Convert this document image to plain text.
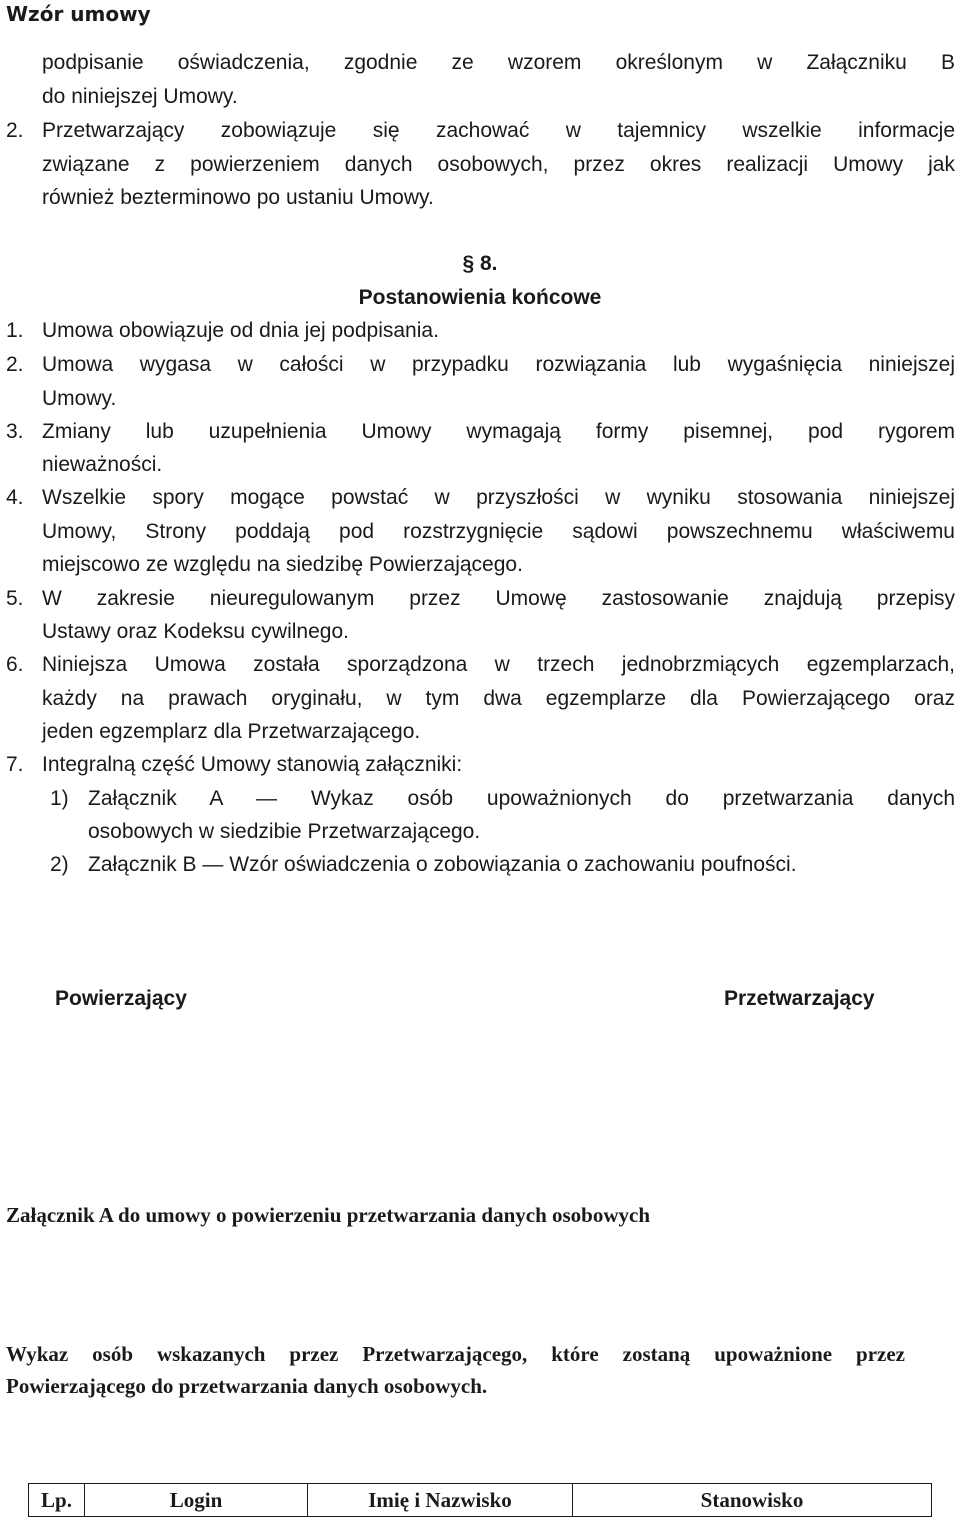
Wzór umowy
podpisanie oświadczenia, zgodnie ze wzorem określonym w Załączniku B
do niniejszej Umowy.
2. Przetwarzający zobowiązuje się zachować w tajemnicy wszelkie informacje
związane z powierzeniem danych osobowych, przez okres realizacji Umowy jak
również bezterminowo po ustaniu Umowy.
§ 8.
Postanowienia końcowe
1. Umowa obowiązuje od dnia jej podpisania.
2. Umowa wygasa w całości w przypadku rozwiązania lub wygaśnięcia niniejszej
Umowy.
3. Zmiany lub uzupełnienia Umowy wymagają formy pisemnej, pod rygorem
nieważności.
4. Wszelkie spory mogące powstać w przyszłości w wyniku stosowania niniejszej
Umowy, Strony poddają pod rozstrzygnięcie sądowi powszechnemu właściwemu
miejscowo ze względu na siedzibę Powierzającego.
5. W zakresie nieuregulowanym przez Umowę zastosowanie znajdują przepisy
Ustawy oraz Kodeksu cywilnego.
6. Niniejsza Umowa została sporządzona w trzech jednobrzmiących egzemplarzach,
każdy na prawach oryginału, w tym dwa egzemplarze dla Powierzającego oraz
jeden egzemplarz dla Przetwarzającego.
7. Integralną część Umowy stanowią załączniki:
1) Załącznik A — Wykaz osób upoważnionych do przetwarzania danych
osobowych w siedzibie Przetwarzającego.
2) Załącznik B — Wzór oświadczenia o zobowiązania o zachowaniu poufności.
Powierzający	Przetwarzający
Załącznik A do umowy o powierzeniu przetwarzania danych osobowych
Wykaz osób wskazanych przez Przetwarzającego, które zostaną upoważnione przez
Powierzającego do przetwarzania danych osobowych.
Lp.	Login	Imię i Nazwisko	Stanowisko
